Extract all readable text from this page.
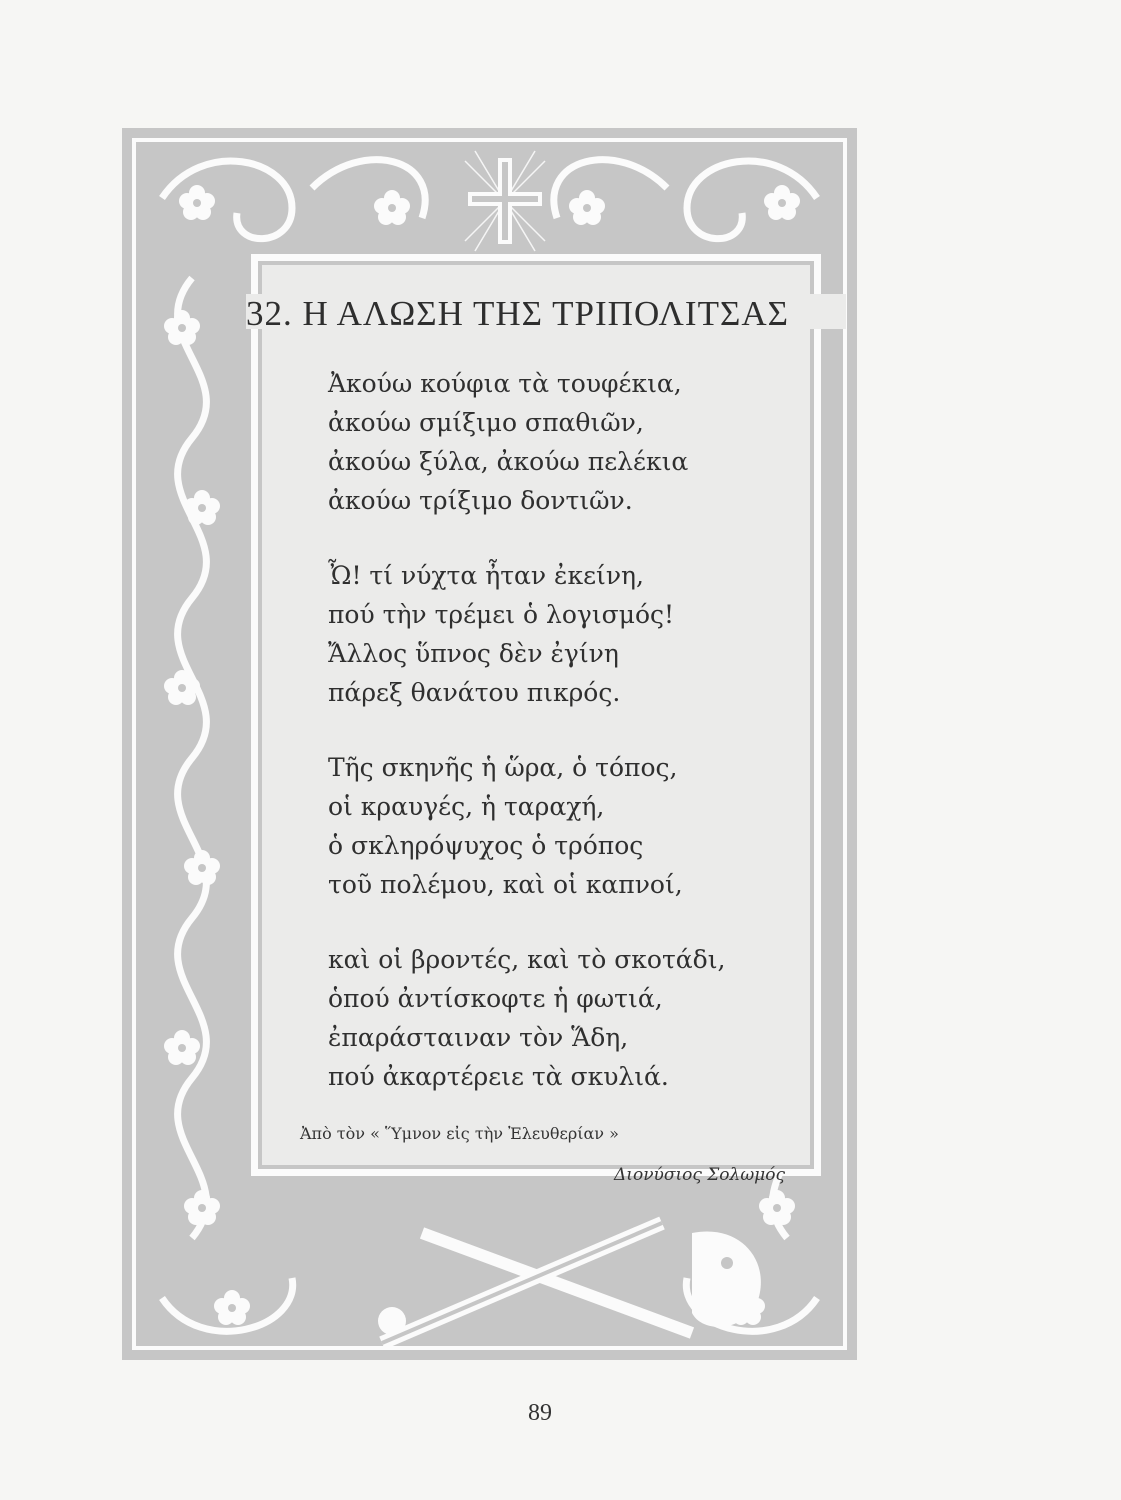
32. Η ΑΛΩΣΗ ΤΗΣ ΤΡΙΠΟΛΙΤΣΑΣ
Ἀκούω κούφια τὰ τουφέκια,
ἀκούω σμίξιμο σπαθιῶν,
ἀκούω ξύλα, ἀκούω πελέκια
ἀκούω τρίξιμο δοντιῶν.
Ὦ! τί νύχτα ἦταν ἐκείνη,
πού τὴν τρέμει ὁ λογισμός!
Ἄλλος ὕπνος δὲν ἐγίνη
πάρεξ θανάτου πικρός.
Τῆς σκηνῆς ἡ ὥρα, ὁ τόπος,
οἱ κραυγές, ἡ ταραχή,
ὁ σκληρόψυχος ὁ τρόπος
τοῦ πολέμου, καὶ οἱ καπνοί,
καὶ οἱ βροντές, καὶ τὸ σκοτάδι,
ὁπού ἀντίσκοφτε ἡ φωτιά,
ἐπαράσταιναν τὸν Ἅδη,
πού ἀκαρτέρειε τὰ σκυλιά.
Ἀπὸ τὸν « Ὕμνον εἰς τὴν Ἐλευθερίαν »
Διονύσιος Σολωμός
89
